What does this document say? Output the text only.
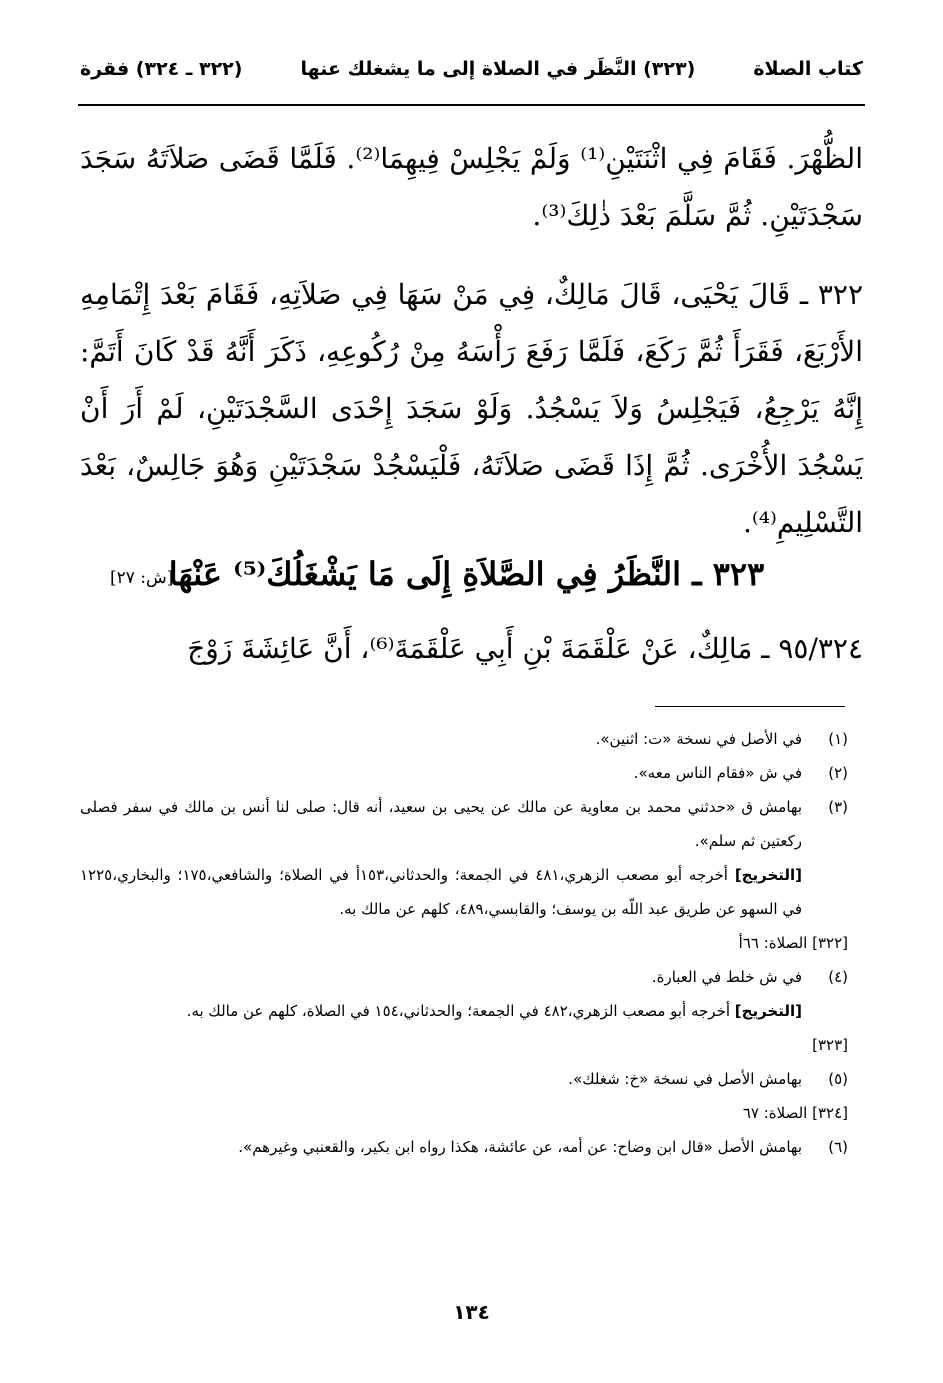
كتاب الصلاة
(٣٢٣) النَّظَر في الصلاة إلى ما يشغلك عنها
(٣٢٢ ـ ٣٢٤) فقرة

الظُّهْرَ. فَقَامَ فِي اثْنَتَيْنِ⁽¹⁾ وَلَمْ يَجْلِسْ فِيهِمَا⁽²⁾. فَلَمَّا قَضَى صَلاَتَهُ سَجَدَ سَجْدَتَيْنِ. ثُمَّ سَلَّمَ بَعْدَ ذٰلِكَ⁽³⁾.

٣٢٢ ـ قَالَ يَحْيَى، قَالَ مَالِكٌ، فِي مَنْ سَهَا فِي صَلاَتِهِ، فَقَامَ بَعْدَ إِتْمَامِهِ الأَرْبَعَ، فَقَرَأَ ثُمَّ رَكَعَ، فَلَمَّا رَفَعَ رَأْسَهُ مِنْ رُكُوعِهِ، ذَكَرَ أَنَّهُ قَدْ كَانَ أَتَمَّ: إِنَّهُ يَرْجِعُ، فَيَجْلِسُ وَلاَ يَسْجُدُ. وَلَوْ سَجَدَ إِحْدَى السَّجْدَتَيْنِ، لَمْ أَرَ أَنْ يَسْجُدَ الأُخْرَى. ثُمَّ إِذَا قَضَى صَلاَتَهُ، فَلْيَسْجُدْ سَجْدَتَيْنِ وَهُوَ جَالِسٌ، بَعْدَ التَّسْلِيمِ⁽⁴⁾.

٣٢٣ ـ النَّظَرُ فِي الصَّلاَةِ إِلَى مَا يَشْغَلُكَ⁽⁵⁾ عَنْهَا
[ش: ٢٧]
٩٥/٣٢٤ ـ مَالِكٌ، عَنْ عَلْقَمَةَ بْنِ أَبِي عَلْقَمَةَ⁽⁶⁾، أَنَّ عَائِشَةَ زَوْجَ
(١)
في الأصل في نسخة «ت: اثنين».
(٢)
في ش «فقام الناس معه».
(٣)
بهامش ق «حدثني محمد بن معاوية عن مالك عن يحيى بن سعيد، أنه قال: صلى لنا أنس بن مالك في سفر فصلى ركعتين ثم سلم».
[التخريج] أخرجه أبو مصعب الزهري،٤٨١ في الجمعة؛ والحدثاني،١٥٣أ في الصلاة؛ والشافعي،١٧٥؛ والبخاري،١٢٢٥ في السهو عن طريق عبد اللّه بن يوسف؛ والقابسي،٤٨٩، كلهم عن مالك به.
[٣٢٢] الصلاة: ٦٦أ
(٤)
في ش خلط في العبارة.
[التخريج] أخرجه أبو مصعب الزهري،٤٨٢ في الجمعة؛ والحدثاني،١٥٤ في الصلاة، كلهم عن مالك به.
[٣٢٣]
(٥)
بهامش الأصل في نسخة «خ: شغلك».
[٣٢٤] الصلاة: ٦٧
(٦)
بهامش الأصل «قال ابن وضاح: عن أمه، عن عائشة، هكذا رواه ابن بكير، والقعنبي وغيرهم».
١٣٤
